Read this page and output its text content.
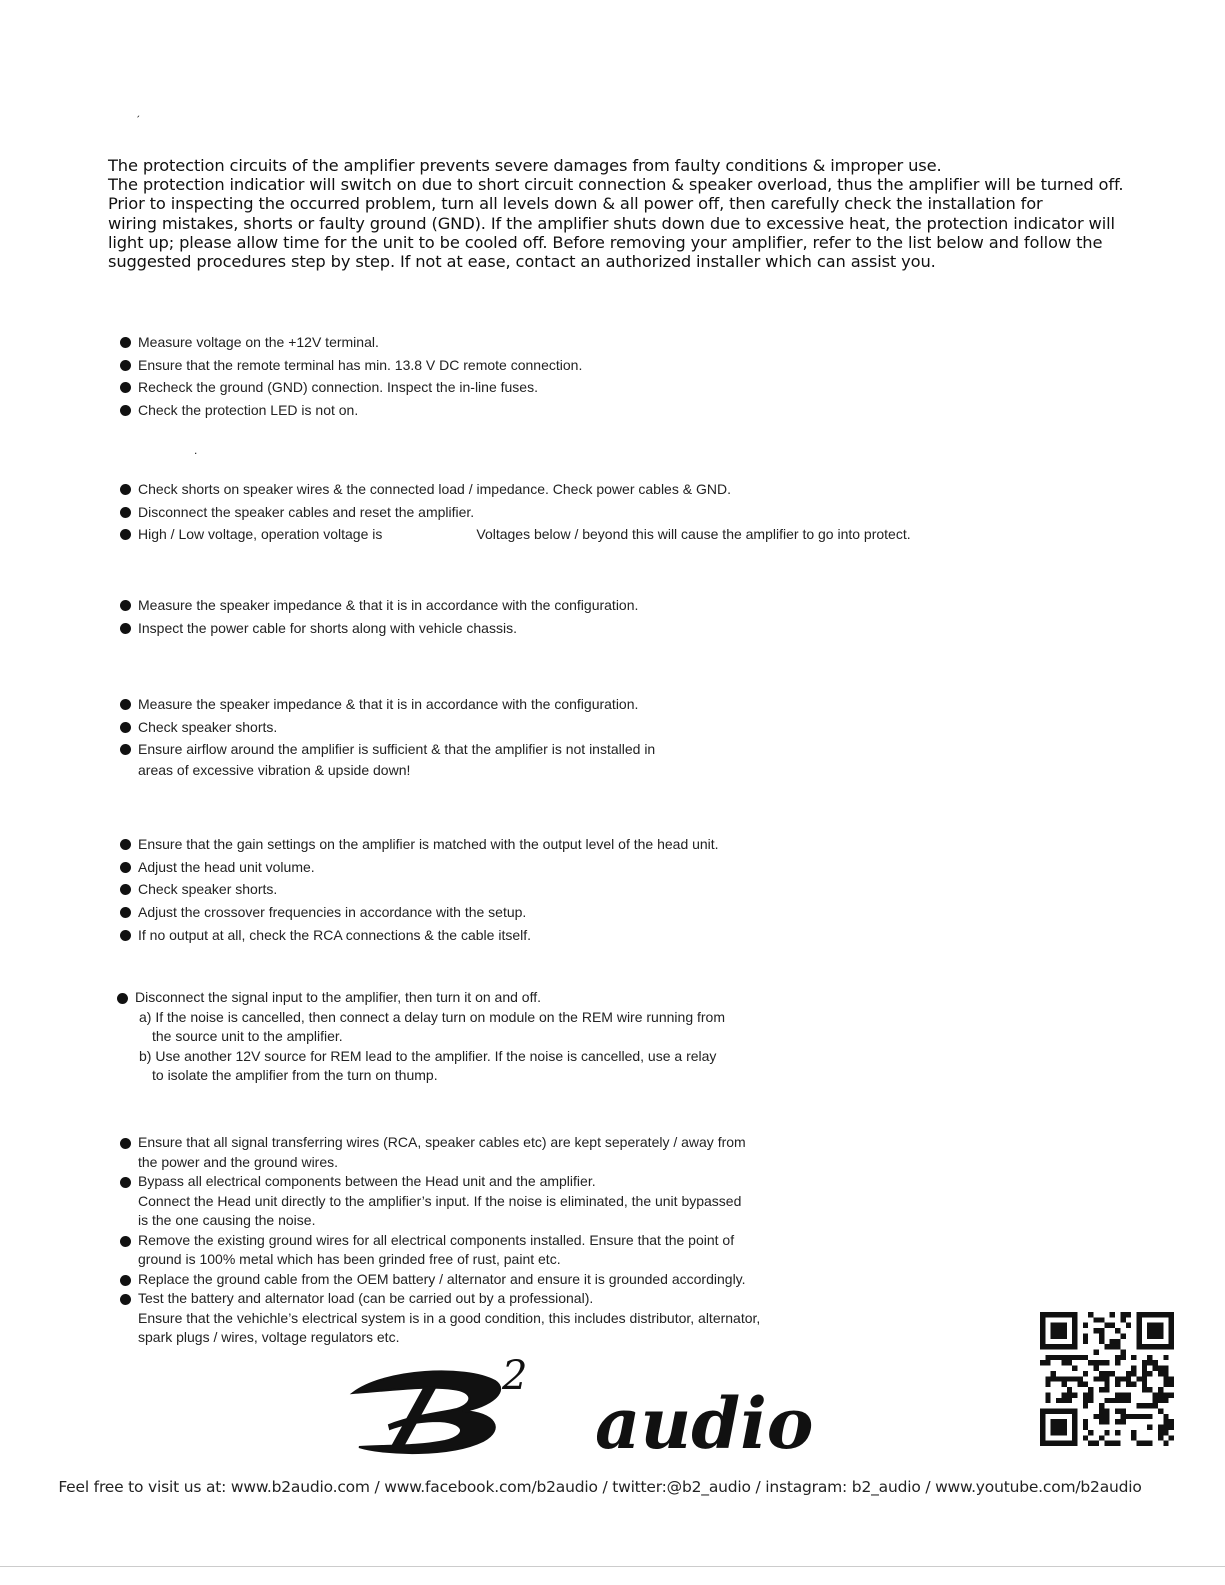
ˏ
The protection circuits of the amplifier prevents severe damages from faulty conditions & improper use.
The protection indicatior will switch on due to short circuit connection & speaker overload, thus the amplifier will be turned off.
Prior to inspecting the occurred problem, turn all levels down & all power off, then carefully check the installation for
wiring mistakes, shorts or faulty ground (GND). If the amplifier shuts down due to excessive heat, the protection indicator will
light up; please allow time for the unit to be cooled off. Before removing your amplifier, refer to the list below and follow the
suggested procedures step by step. If not at ease, contact an authorized installer which can assist you.
Measure voltage on the +12V terminal.
Ensure that the remote terminal has min. 13.8 V DC remote connection.
Recheck the ground (GND) connection. Inspect the in-line fuses.
Check the protection LED is not on.
.
Check shorts on speaker wires & the connected load / impedance. Check power cables & GND.
Disconnect the speaker cables and reset the amplifier.
High / Low voltage, operation voltage is	Voltages below / beyond this will cause the amplifier to go into protect.
Measure the speaker impedance & that it is in accordance with the configuration.
Inspect the power cable for shorts along with vehicle chassis.
Measure the speaker impedance & that it is in accordance with the configuration.
Check speaker shorts.
Ensure airflow around the amplifier is sufficient & that the amplifier is not installed in
areas of excessive vibration & upside down!
Ensure that the gain settings on the amplifier is matched with the output level of the head unit.
Adjust the head unit volume.
Check speaker shorts.
Adjust the crossover frequencies in accordance with the setup.
If no output at all, check the RCA connections & the cable itself.
Disconnect the signal input to the amplifier, then turn it on and off.
a) If the noise is cancelled, then connect a delay turn on module on the REM wire running from
the source unit to the amplifier.
b) Use another 12V source for REM lead to the amplifier. If the noise is cancelled, use a relay
to isolate the amplifier from the turn on thump.
Ensure that all signal transferring wires (RCA, speaker cables etc) are kept seperately / away from
the power and the ground wires.
Bypass all electrical components between the Head unit and the amplifier.
Connect the Head unit directly to the amplifier’s input. If the noise is eliminated, the unit bypassed
is the one causing the noise.
Remove the existing ground wires for all electrical components installed. Ensure that the point of
ground is 100% metal which has been grinded free of rust, paint etc.
Replace the ground cable from the OEM battery / alternator and ensure it is grounded accordingly.
Test the battery and alternator load (can be carried out by a professional).
Ensure that the vehichle’s electrical system is in a good condition, this includes distributor, alternator,
spark plugs / wires, voltage regulators etc.
2
audio
Feel free to visit us at: www.b2audio.com / www.facebook.com/b2audio / twitter:@b2_audio / instagram: b2_audio / www.youtube.com/b2audio
